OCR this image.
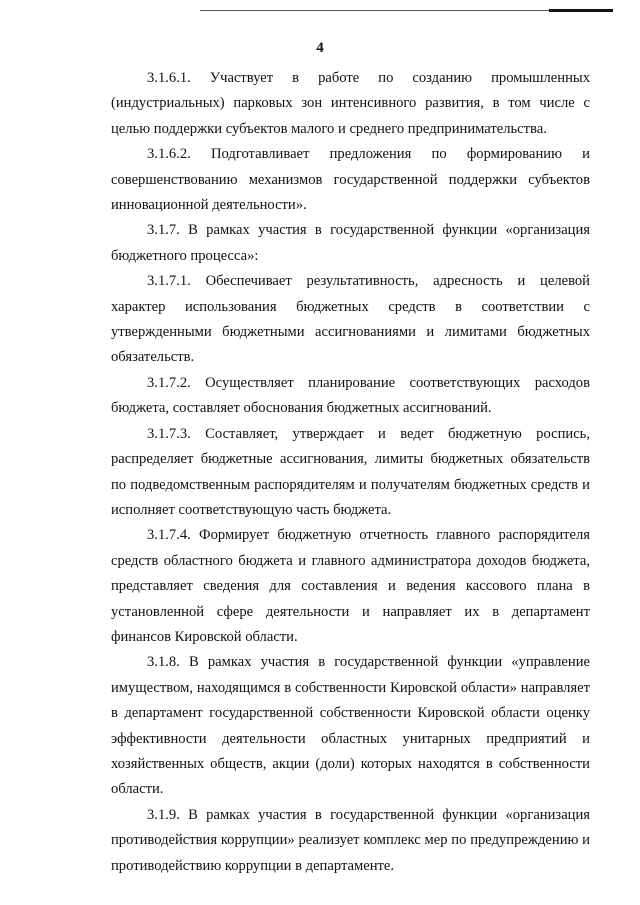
4

3.1.6.1. Участвует в работе по созданию промышленных (индустриальных) парковых зон интенсивного развития, в том числе с целью поддержки субъектов малого и среднего предпринимательства.

3.1.6.2. Подготавливает предложения по формированию и совершенствованию механизмов государственной поддержки субъектов инновационной деятельности».

3.1.7. В рамках участия в государственной функции «организация бюджетного процесса»:

3.1.7.1. Обеспечивает результативность, адресность и целевой характер использования бюджетных средств в соответствии с утвержденными бюджетными ассигнованиями и лимитами бюджетных обязательств.

3.1.7.2. Осуществляет планирование соответствующих расходов бюджета, составляет обоснования бюджетных ассигнований.

3.1.7.3. Составляет, утверждает и ведет бюджетную роспись, распределяет бюджетные ассигнования, лимиты бюджетных обязательств по подведомственным распорядителям и получателям бюджетных средств и исполняет соответствующую часть бюджета.

3.1.7.4. Формирует бюджетную отчетность главного распорядителя средств областного бюджета и главного администратора доходов бюджета, представляет сведения для составления и ведения кассового плана в установленной сфере деятельности и направляет их в департамент финансов Кировской области.

3.1.8. В рамках участия в государственной функции «управление имуществом, находящимся в собственности Кировской области» направляет в департамент государственной собственности Кировской области оценку эффективности деятельности областных унитарных предприятий и хозяйственных обществ, акции (доли) которых находятся в собственности области.

3.1.9. В рамках участия в государственной функции «организация противодействия коррупции» реализует комплекс мер по предупреждению и противодействию коррупции в департаменте.
